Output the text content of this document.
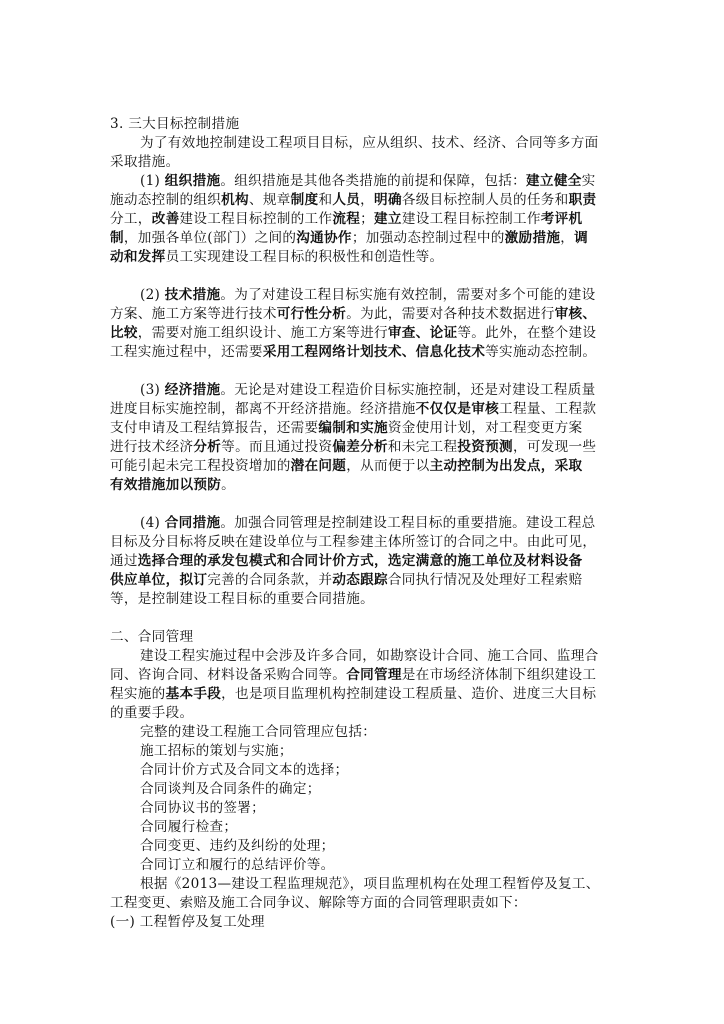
3. 三大目标控制措施
为了有效地控制建设工程项目目标，应从组织、技术、经济、合同等多方面
采取措施。
(1) 组织措施。组织措施是其他各类措施的前提和保障，包括：建立健全实
施动态控制的组织机构、规章制度和人员，明确各级目标控制人员的任务和职责
分工，改善建设工程目标控制的工作流程；建立建设工程目标控制工作考评机
制，加强各单位(部门）之间的沟通协作；加强动态控制过程中的激励措施，调
动和发挥员工实现建设工程目标的积极性和创造性等。
(2) 技术措施。为了对建设工程目标实施有效控制，需要对多个可能的建设
方案、施工方案等进行技术可行性分析。为此，需要对各种技术数据进行审核、
比较，需要对施工组织设计、施工方案等进行审查、论证等。此外，在整个建设
工程实施过程中，还需要采用工程网络计划技术、信息化技术等实施动态控制。
(3) 经济措施。无论是对建设工程造价目标实施控制，还是对建设工程质量
进度目标实施控制，都离不开经济措施。经济措施不仅仅是审核工程量、工程款
支付申请及工程结算报告，还需要编制和实施资金使用计划，对工程变更方案
进行技术经济分析等。而且通过投资偏差分析和未完工程投资预测，可发现一些
可能引起未完工程投资增加的潜在问题，从而便于以主动控制为出发点，采取
有效措施加以预防。
(4) 合同措施。加强合同管理是控制建设工程目标的重要措施。建设工程总
目标及分目标将反映在建设单位与工程参建主体所签订的合同之中。由此可见，
通过选择合理的承发包模式和合同计价方式，选定满意的施工单位及材料设备
供应单位，拟订完善的合同条款，并动态跟踪合同执行情况及处理好工程索赔
等，是控制建设工程目标的重要合同措施。
二、合同管理
建设工程实施过程中会涉及许多合同，如勘察设计合同、施工合同、监理合
同、咨询合同、材料设备采购合同等。合同管理是在市场经济体制下组织建设工
程实施的基本手段，也是项目监理机构控制建设工程质量、造价、进度三大目标
的重要手段。
完整的建设工程施工合同管理应包括：
施工招标的策划与实施；
合同计价方式及合同文本的选择；
合同谈判及合同条件的确定；
合同协议书的签署；
合同履行检查；
合同变更、违约及纠纷的处理；
合同订立和履行的总结评价等。
根据《2013—建设工程监理规范》，项目监理机构在处理工程暂停及复工、
工程变更、索赔及施工合同争议、解除等方面的合同管理职责如下：
(一) 工程暂停及复工处理
